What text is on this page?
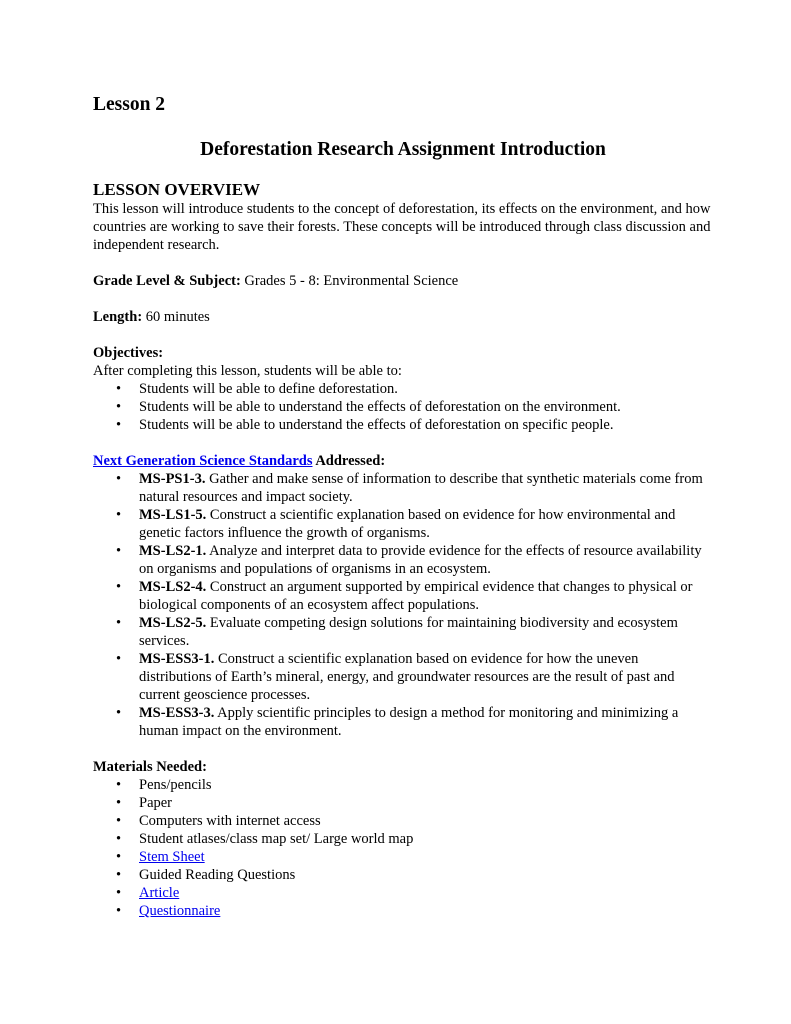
Lesson 2
Deforestation Research Assignment Introduction
LESSON OVERVIEW

This lesson will introduce students to the concept of deforestation, its effects on the environment, and how countries are working to save their forests. These concepts will be introduced through class discussion and independent research.

Grade Level & Subject: Grades 5 - 8: Environmental Science

Length: 60 minutes

Objectives:

After completing this lesson, students will be able to:

• Students will be able to define deforestation.
• Students will be able to understand the effects of deforestation on the environment.
• Students will be able to understand the effects of deforestation on specific people.

Next Generation Science Standards Addressed:

• MS-PS1-3. Gather and make sense of information to describe that synthetic materials come from natural resources and impact society.
• MS-LS1-5. Construct a scientific explanation based on evidence for how environmental and genetic factors influence the growth of organisms.
• MS-LS2-1. Analyze and interpret data to provide evidence for the effects of resource availability on organisms and populations of organisms in an ecosystem.
• MS-LS2-4. Construct an argument supported by empirical evidence that changes to physical or biological components of an ecosystem affect populations.
• MS-LS2-5. Evaluate competing design solutions for maintaining biodiversity and ecosystem services.
• MS-ESS3-1. Construct a scientific explanation based on evidence for how the uneven distributions of Earth’s mineral, energy, and groundwater resources are the result of past and current geoscience processes.
• MS-ESS3-3. Apply scientific principles to design a method for monitoring and minimizing a human impact on the environment.

Materials Needed:

• Pens/pencils
• Paper
• Computers with internet access
• Student atlases/class map set/ Large world map
• Stem Sheet
• Guided Reading Questions
• Article
• Questionnaire
